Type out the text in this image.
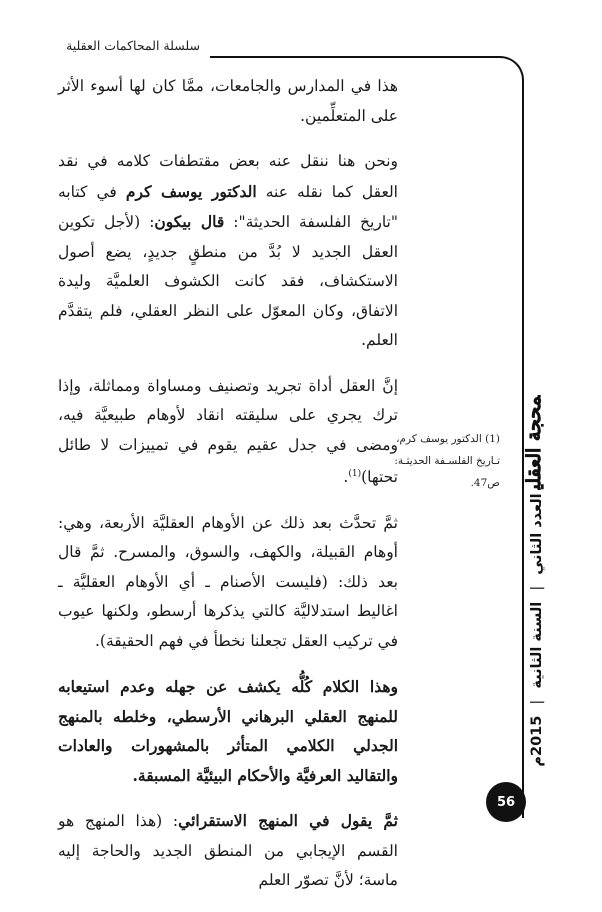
سلسلة المحاكمات العقلية

هذا في المدارس والجامعات، ممَّا كان لها أسوء الأثر على المتعلِّمين.

ونحن هنا ننقل عنه بعض مقتطفات كلامه في نقد العقل كما نقله عنه الدكتور يوسف كرم في كتابه "تاريخ الفلسفة الحديثة": قال بيكون: (لأجل تكوين العقل الجديد لا بُدَّ من منطقٍ جديدٍ، يضع أصول الاستكشاف، فقد كانت الكشوف العلميَّة وليدة الاتفاق، وكان المعوّل على النظر العقلي، فلم يتقدَّم العلم.

إنَّ العقل أداة تجريد وتصنيف ومساواة ومماثلة، وإذا ترك يجري على سليقته انقاد لأوهام طبيعيَّة فيه، ومضى في جدل عقيم يقوم في تمييزات لا طائل تحتها)$^{(1)}$.

ثمَّ تحدَّث بعد ذلك عن الأوهام العقليَّة الأربعة، وهي: أوهام القبيلة، والكهف، والسوق، والمسرح. ثمَّ قال بعد ذلك: (فليست الأصنام ـ أي الأوهام العقليَّة ـ اغاليط استدلاليَّة كالتي يذكرها أرسطو، ولكنها عيوب في تركيب العقل تجعلنا نخطأ في فهم الحقيقة).

وهذا الكلام كُلُّه يكشف عن جهله وعدم استيعابه للمنهج العقلي البرهاني الأرسطي، وخلطه بالمنهج الجدلي الكلامي المتأثر بالمشهورات والعادات والتقاليد العرفيَّة والأحكام البيئيَّة المسبقة.

ثمَّ يقول في المنهج الاستقرائي: (هذا المنهج هو القسم الإيجابي من المنطق الجديد والحاجة إليه ماسة؛ لأنَّ تصوّر العلم

(1) الدكتور يوسف كرم،
تـاريخ الفلسـفة الحديثـة:
ص47. المحجة العقلية
العدد الثاني | السنة الثانية | 2015م
56
